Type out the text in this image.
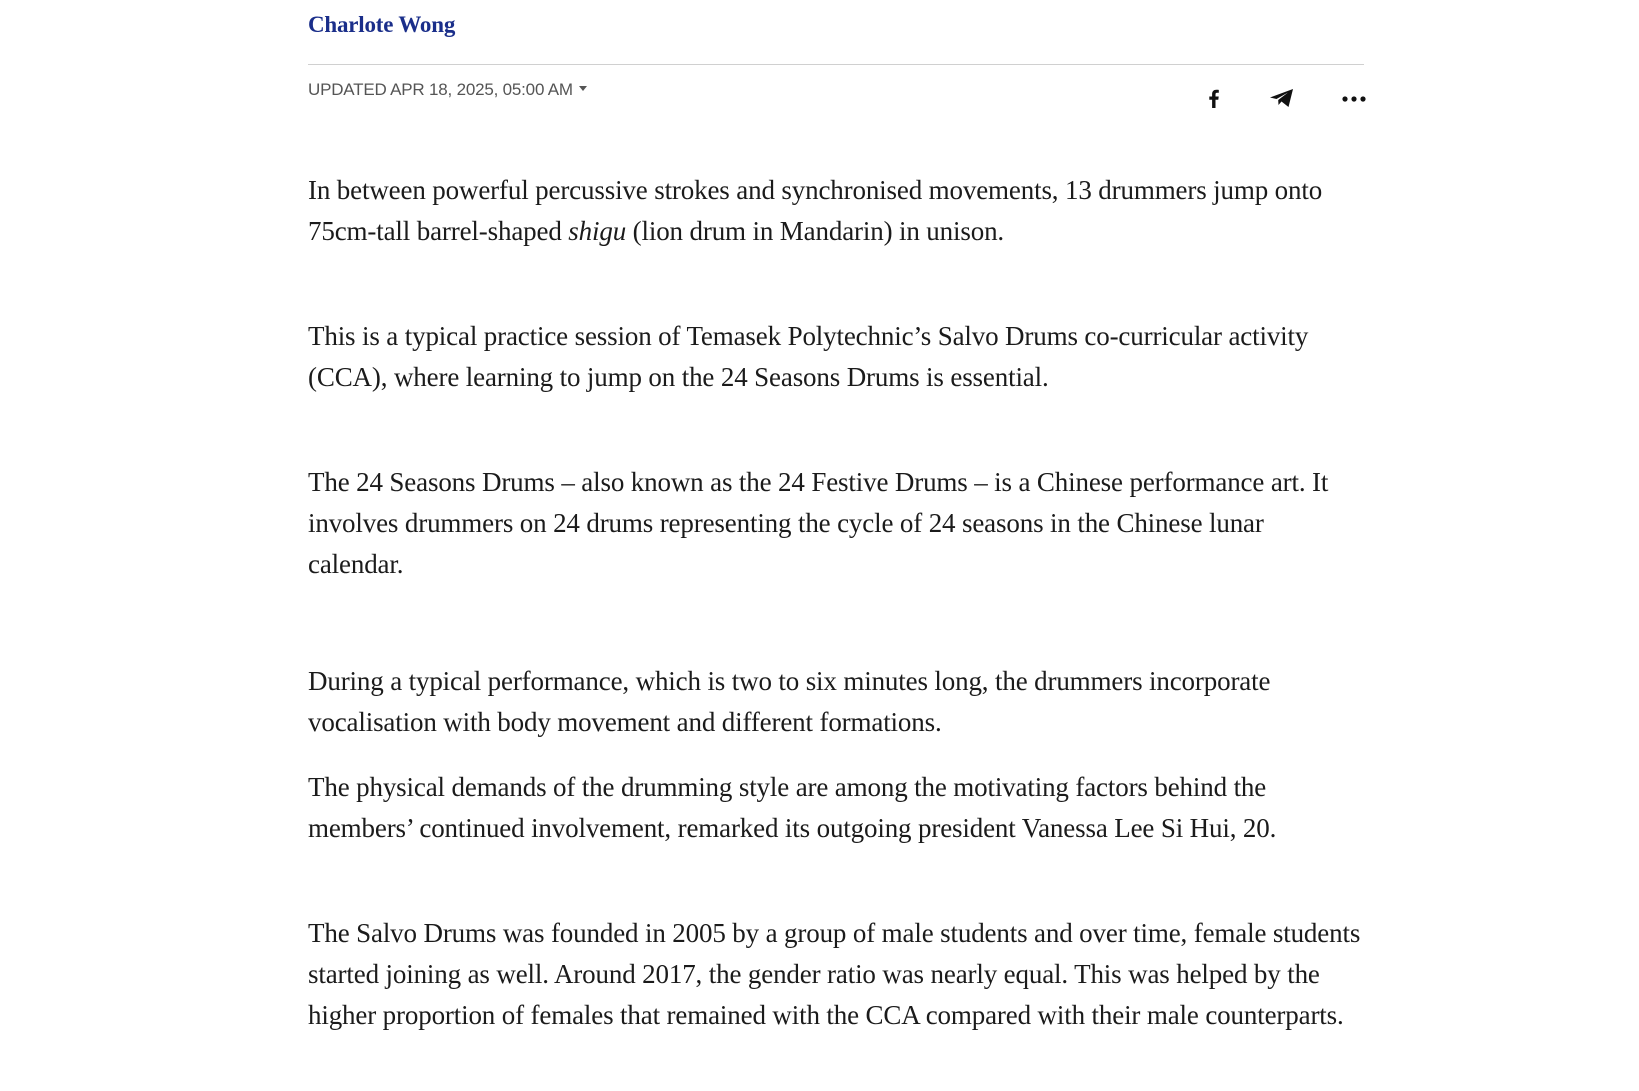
Charlote Wong
UPDATED APR 18, 2025, 05:00 AM

In between powerful percussive strokes and synchronised movements, 13 drummers jump onto 75cm-tall barrel-shaped shigu (lion drum in Mandarin) in unison.

This is a typical practice session of Temasek Polytechnic’s Salvo Drums co-curricular activity (CCA), where learning to jump on the 24 Seasons Drums is essential.

The 24 Seasons Drums – also known as the 24 Festive Drums – is a Chinese performance art. It involves drummers on 24 drums representing the cycle of 24 seasons in the Chinese lunar calendar.

During a typical performance, which is two to six minutes long, the drummers incorporate vocalisation with body movement and different formations.

The physical demands of the drumming style are among the motivating factors behind the members’ continued involvement, remarked its outgoing president Vanessa Lee Si Hui, 20.

The Salvo Drums was founded in 2005 by a group of male students and over time, female students started joining as well. Around 2017, the gender ratio was nearly equal. This was helped by the higher proportion of females that remained with the CCA compared with their male counterparts.
